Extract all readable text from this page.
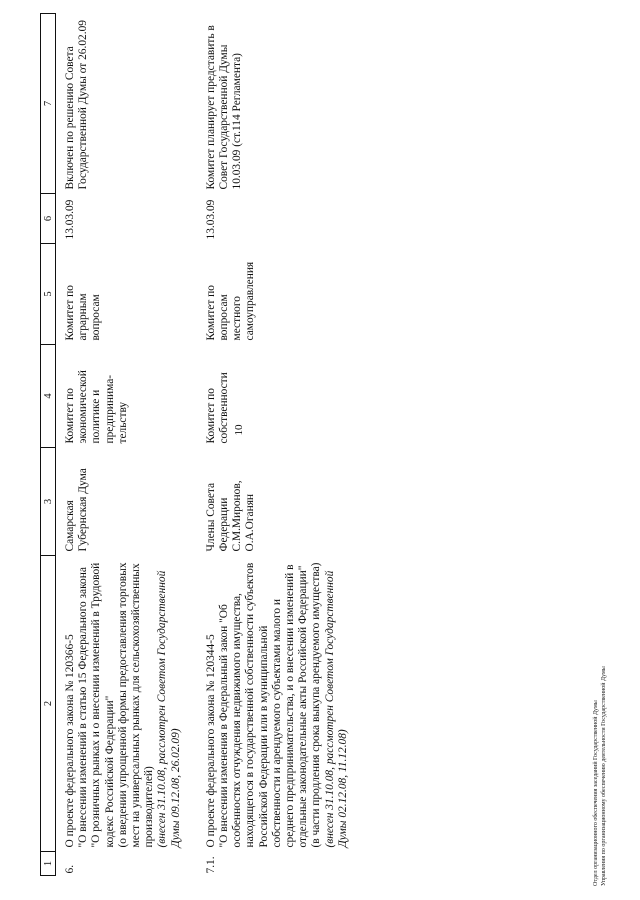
10
Отдел организационного обеспечения заседаний Государственной Думы Управления по организационному обеспечению деятельности Государственной Думы
1	2	3	4	5	6	7
6.	О проекте федерального закона № 120366-5 "О внесении изменений в статью 15 Федерального закона "О розничных рынках и о внесении изменений в Трудовой кодекс Российской Федерации" (о введении упрощенной формы предоставления торговых мест на универсальных рынках для сельскохозяйственных производителей) (внесен 31.10.08, рассмотрен Советом Государственной Думы 09.12.08, 26.02.09)	Самарская Губернская Дума	Комитет по экономической политике и предпринима-тельству	Комитет по аграрным вопросам	13.03.09	Включен по решению Совета Государственной Думы от 26.02.09
7.1.	О проекте федерального закона № 120344-5 "О внесении изменения в Федеральный закон "Об особенностях отчуждения недвижимого имущества, находящегося в государственной собственности субъектов Российской Федерации или в муниципальной собственности и арендуемого субъектами малого и среднего предпринимательства, и о внесении изменений в отдельные законодательные акты Российской Федерации" (в части продления срока выкупа арендуемого имущества) (внесен 31.10.08, рассмотрен Советом Государственной Думы 02.12.08, 11.12.08)	Члены Совета Федерации С.М.Миронов, О.А.Оганян	Комитет по собственности	Комитет по вопросам местного самоуправления	13.03.09	Комитет планирует представить в Совет Государственной Думы 10.03.09 (ст.114 Регламента)
